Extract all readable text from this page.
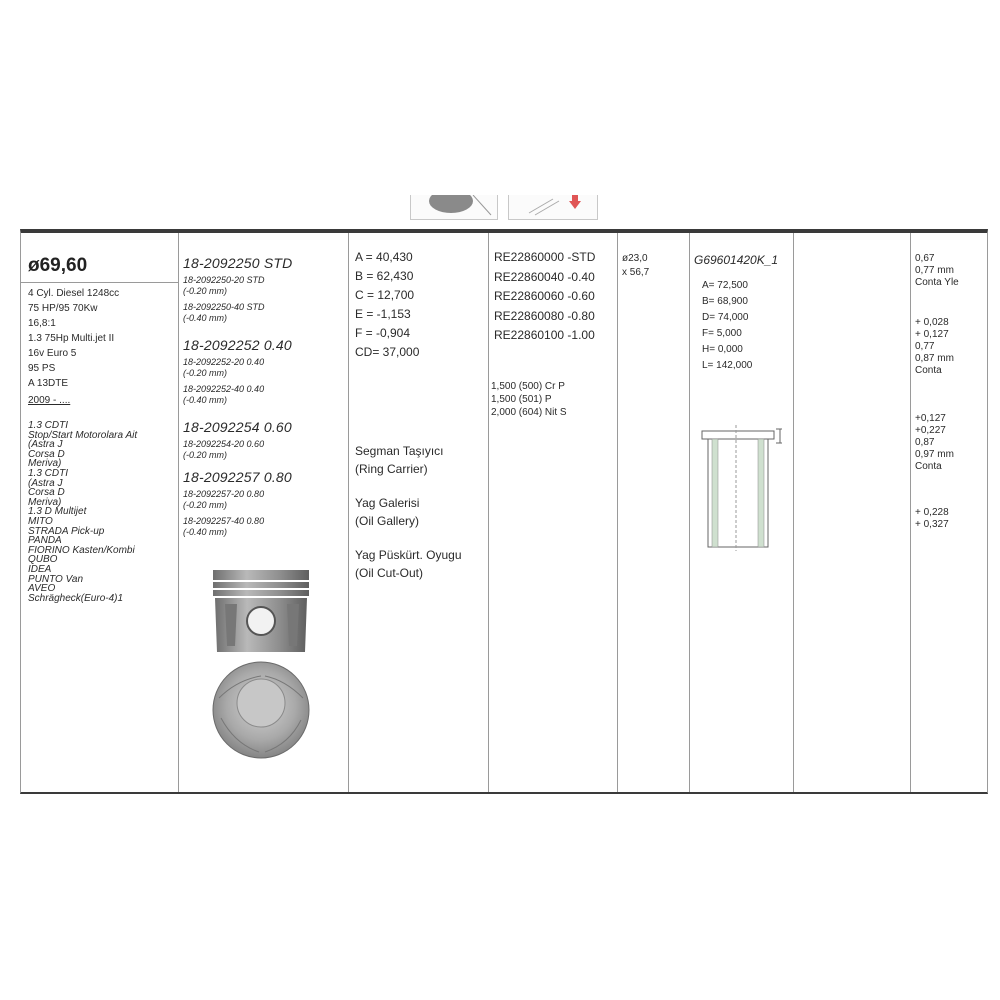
ø69,60
4 Cyl. Diesel 1248cc
75 HP/95 70Kw
16,8:1
1.3 75Hp Multi.jet II
16v Euro 5
95 PS
A 13DTE
2009 - ....
1.3 CDTI
Stop/Start Motorolara Ait
(Astra J
Corsa D
Meriva)
1.3 CDTI
(Astra J
Corsa D
Meriva)
1.3 D Multijet
MITO
STRADA Pick-up
PANDA
FIORINO Kasten/Kombi
QUBO
IDEA
PUNTO Van
AVEO
Schrägheck(Euro-4)1
18-2092250 STD
18-2092250-20 STD
(-0.20 mm)
18-2092250-40 STD
(-0.40 mm)
18-2092252 0.40
18-2092252-20 0.40
(-0.20 mm)
18-2092252-40 0.40
(-0.40 mm)
18-2092254 0.60
18-2092254-20 0.60
(-0.20 mm)
18-2092257 0.80
18-2092257-20 0.80
(-0.20 mm)
18-2092257-40 0.80
(-0.40 mm)
A = 40,430
B = 62,430
C = 12,700
E = -1,153
F = -0,904
CD= 37,000
Segman Taşıyıcı
(Ring Carrier)
Yag Galerisi
(Oil Gallery)
Yag Püskürt. Oyugu
(Oil Cut-Out)
RE22860000 -STD
RE22860040 -0.40
RE22860060 -0.60
RE22860080 -0.80
RE22860100 -1.00
1,500 (500) Cr P
1,500 (501) P
2,000 (604) Nit S
ø23,0
x 56,7
G69601420K_1
A= 72,500
B= 68,900
D= 74,000
F= 5,000
H= 0,000
L= 142,000
0,67
0,77 mm
Conta Yle
+ 0,028
+ 0,127
0,77
0,87 mm
Conta
+0,127
+0,227
0,87
0,97 mm
Conta
+ 0,228
+ 0,327
